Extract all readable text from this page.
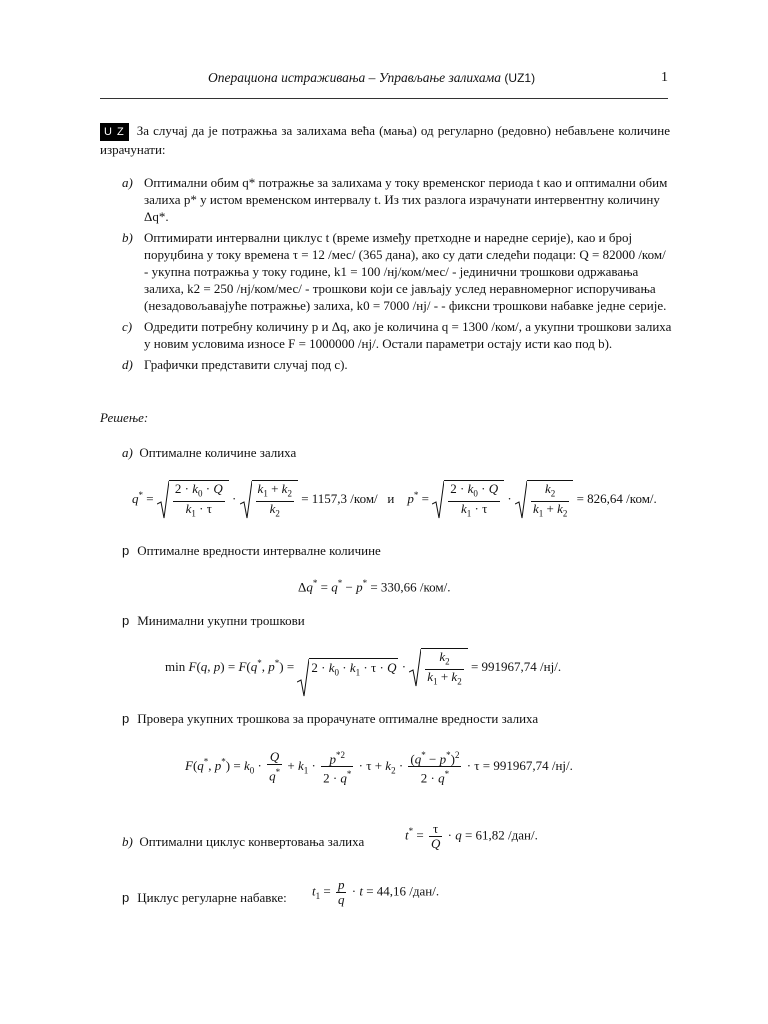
Операциона истраживања – Управљање залихама (UZ1)	1
U Z За случај да је потражња за залихама већа (мања) од регуларно (редовно) небављене количине израчунати:
a) Оптимални обим q* потражње за залихама у току временског периода t као и оптимални обим залиха p* у истом временском интервалу t. Из тих разлога израчунати интервентну количину Δq*.
b) Оптимирати интервални циклус t (време између претходне и наредне серије), као и број поруџбина у току времена τ = 12 /мес/ (365 дана), ако су дати следећи подаци: Q = 82000 /ком/ - укупна потражња у току године, k1 = 100 /нј/ком/мес/ - јединични трошкови одржавања залиха, k2 = 250 /нј/ком/мес/ - трошкови који се јављају услед неравномерног испоручивања (незадовољавајуће потражње) залиха, k0 = 7000 /нј/ - - фиксни трошкови набавке једне серије.
c) Одредити потребну количину p и Δq, ако је количина q = 1300 /ком/, а укупни трошкови залиха у новим условима износе F = 1000000 /нј/. Остали параметри остају исти као под b).
d) Графички представити случај под c).
Решење:
a) Оптималне количине залиха
$q^* = \frac{2 \cdot k_0 \cdot Q}{k_1 \cdot \tau} \cdot \frac{k_1 + k_2}{k_2} = 1157,3$ /ком/ и $p^* = \frac{2 \cdot k_0 \cdot Q}{k_1 \cdot \tau} \cdot \frac{k_2}{k_1 + k_2} = 826,64$ /ком/.
р Оптималне вредности интервалне количине
Δq* = q* − p* = 330,66 /ком/.
р Минимални укупни трошкови
min F(q, p) = F(q*, p*) =
$2 \cdot k_0 \cdot k_1 \cdot \tau \cdot Q \cdot \frac{k_2}{k_1 + k_2} = 991967,74$ /нј/.
р Провера укупних трошкова за прорачунате оптималне вредности залиха
F(q*, $p^*) = k_0 \cdot \frac{Q}{q^*} + k_1 \cdot \frac{p^{*2}}{2 \cdot q^*} \cdot \tau + k_2 \cdot \frac{(q^* - p^*)^2}{2 \cdot q^*} \cdot \tau = 991967,74$ /нј/.
b) Оптимални циклус конвертовања залиха	$t^* = \frac{\tau}{Q} \cdot q = 61,82$ /дан/.
р Циклус регуларне набавке: $t_1 = \frac{p}{q} \cdot t = 44,16$ /дан/.
